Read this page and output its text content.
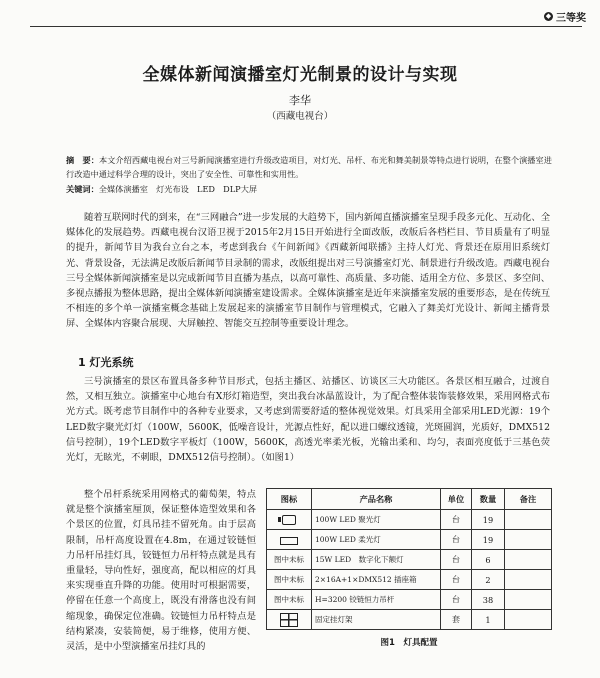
◆ 三等奖
全媒体新闻演播室灯光制景的设计与实现
李华
（西藏电视台）
摘　要：本文介绍西藏电视台对三号新闻演播室进行升级改造项目，对灯光、吊杆、布光和舞美制景等特点进行说明，在整个演播室进行改造中通过科学合理的设计，突出了安全性、可靠性和实用性。
关键词：全媒体演播室　灯光布设　LED　DLP大屏
随着互联网时代的到来，在“三网融合”进一步发展的大趋势下，国内新闻直播演播室呈现手段多元化、互动化、全媒体化的发展趋势。西藏电视台汉语卫视于2015年2月15日开始进行全面改版，改版后各档栏目、节目质量有了明显的提升，新闻节目为我台立台之本，考虑到我台《午间新闻》《西藏新闻联播》主持人灯光、背景还在原用旧系统灯光、背景设备，无法满足改版后新闻节目录制的需求，改版组提出对三号演播室灯光、制景进行升级改造。西藏电视台三号全媒体新闻演播室是以完成新闻节目直播为基点，以高可靠性、高质量、多功能、适用全方位、多景区、多空间、多视点播报为整体思路，提出全媒体新闻演播室建设需求。全媒体演播室是近年来演播室发展的重要形态，是在传统互不相连的多个单一演播室概念基础上发展起来的演播室节目制作与管理模式，它融入了舞美灯光设计、新闻主播背景屏、全媒体内容聚合展现、大屏触控、智能交互控制等重要设计理念。
1 灯光系统
三号演播室的景区布置具备多种节目形式，包括主播区、站播区、访谈区三大功能区。各景区相互融合，过渡自然，又相互独立。演播室中心地台有X形灯箱造型，突出我台冰晶蓝设计，为了配合整体装饰装修效果，采用网格式布光方式。既考虑节目制作中的各种专业要求，又考虑到需要舒适的整体视觉效果。灯具采用全部采用LED光源：19个LED数字聚光灯灯（100W，5600K，低噪音设计，光源点性好，配以进口螺纹透镜，光斑圆润，光质好，DMX512信号控制），19个LED数字平板灯（100W，5600K，高透光率柔光板，光输出柔和、均匀，表面亮度低于三基色荧光灯，无眩光，不刺眼，DMX512信号控制）。（如图1）
整个吊杆系统采用网格式的葡萄架，特点就是整个演播室厘顶，保证整体造型效果和各个景区的位置，灯具吊挂不留死角。由于层高限制，吊杆高度设置在4.8m，在通过铰链恒力吊杆吊挂灯具，铰链恒力吊杆特点就是具有重量轻，导向性好，强度高，配以相应的灯具来实现垂直升降的功能。使用时可根据需要，停留在任意一个高度上，既没有滑落也没有间缩现象，确保定位准确。铰链恒力吊杆特点是结构紧凑，安装简便，易于维修，使用方便、灵活，是中小型演播室吊挂灯具的
图标	产品名称	单位	数量	备注
	100W LED 聚光灯	台	19	
	100W LED 柔光灯	台	19	
图中未标	15W LED　数字化下额灯	台	6	
图中未标	2×16A+1×DMX512 插座箱	台	2	
图中未标	H=3200 铰链恒力吊杆	台	38	
	固定挂灯架	套	1	
图1　灯具配置
